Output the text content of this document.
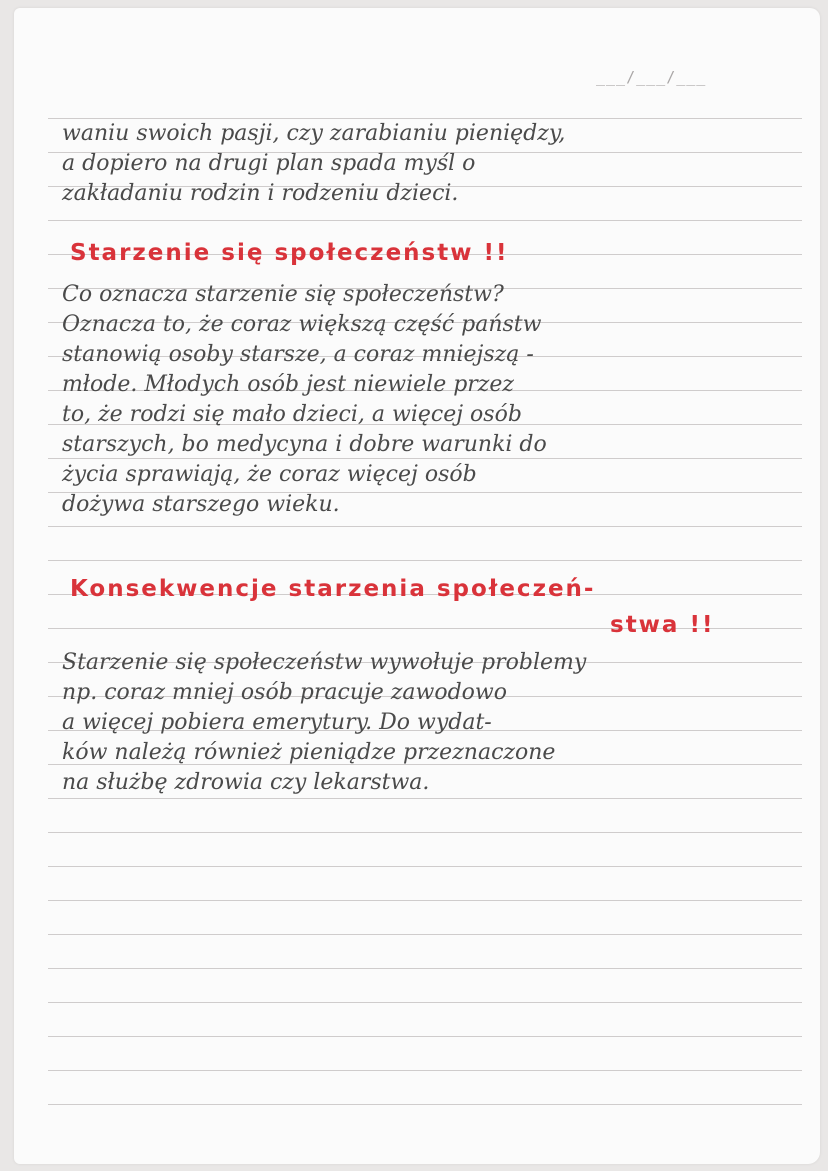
___/___/___
waniu swoich pasji, czy zarabianiu pieniędzy,
a dopiero na drugi plan spada myśl o
zakładaniu rodzin i rodzeniu dzieci.
Starzenie się społeczeństw !!
Co oznacza starzenie się społeczeństw?
Oznacza to, że coraz większą część państw
stanowią osoby starsze, a coraz mniejszą -
młode. Młodych osób jest niewiele przez
to, że rodzi się mało dzieci, a więcej osób
starszych, bo medycyna i dobre warunki do
życia sprawiają, że coraz więcej osób
dożywa starszego wieku.
Konsekwencje starzenia społeczeń-
stwa !!
Starzenie się społeczeństw wywołuje problemy
np. coraz mniej osób pracuje zawodowo
a więcej pobiera emerytury. Do wydat-
ków należą również pieniądze przeznaczone
na służbę zdrowia czy lekarstwa.
